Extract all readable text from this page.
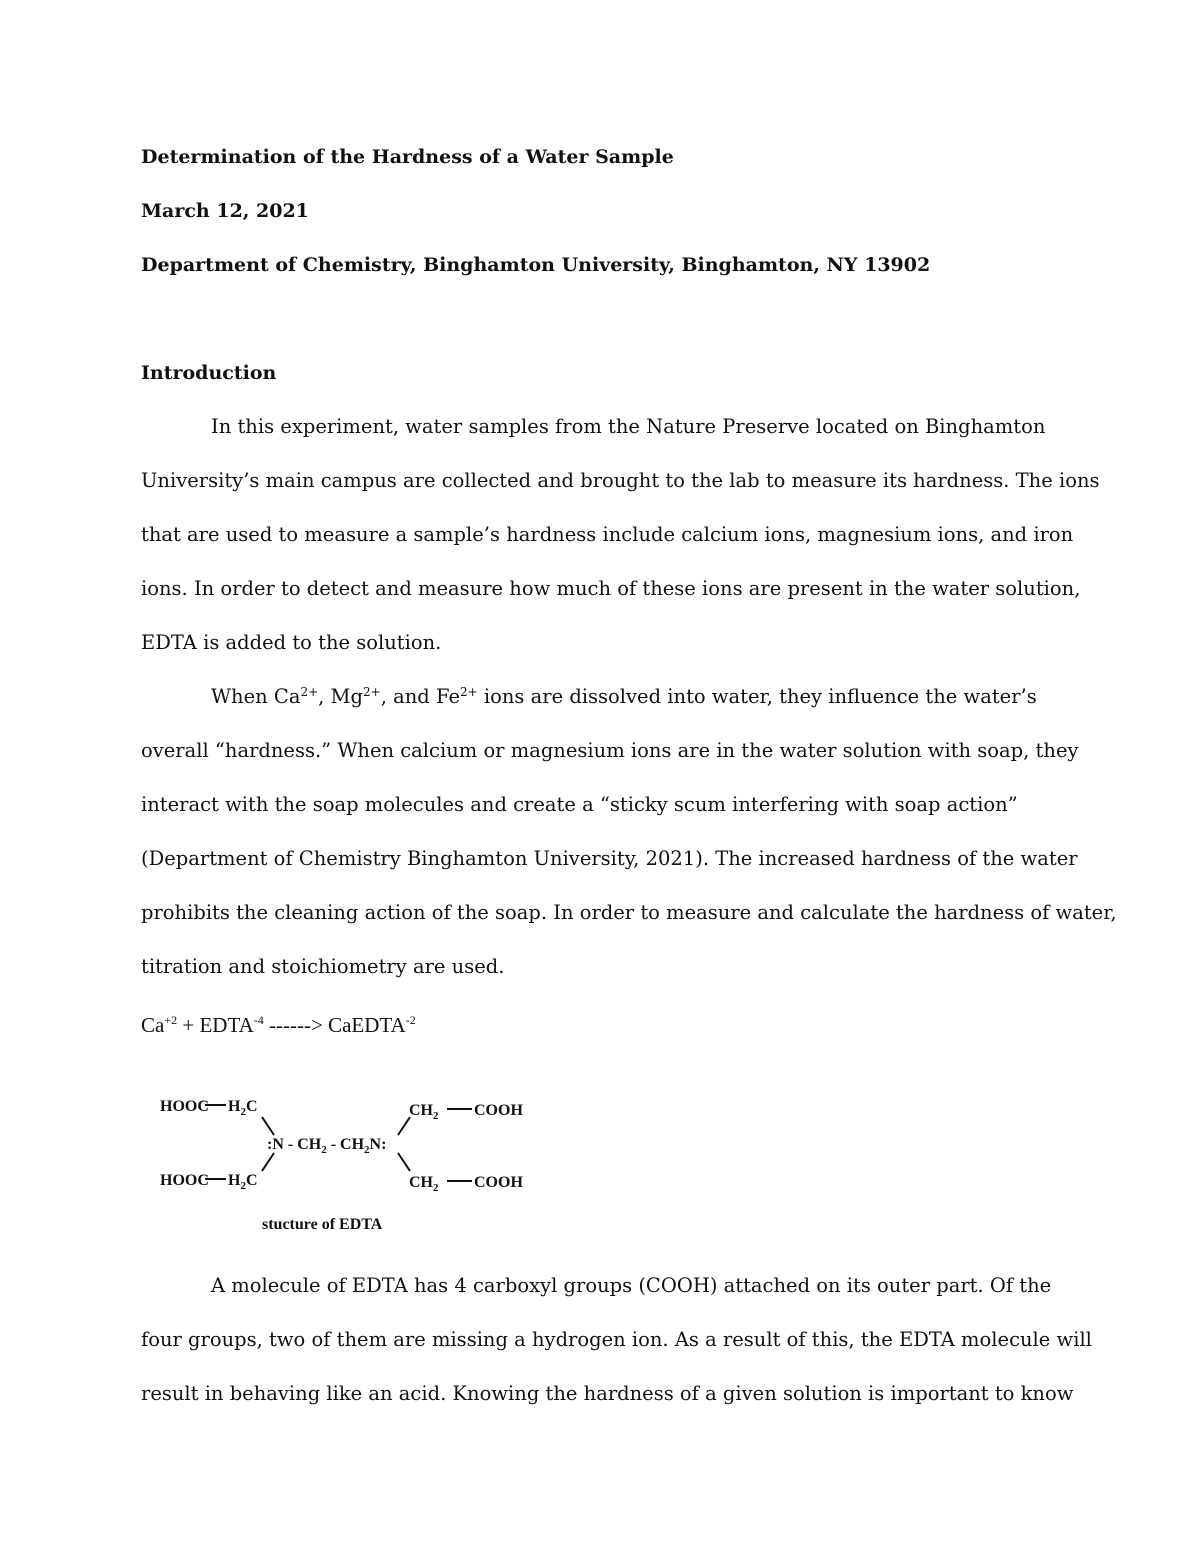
Determination of the Hardness of a Water Sample
March 12, 2021
Department of Chemistry, Binghamton University, Binghamton, NY 13902
Introduction
In this experiment, water samples from the Nature Preserve located on Binghamton
University’s main campus are collected and brought to the lab to measure its hardness. The ions
that are used to measure a sample’s hardness include calcium ions, magnesium ions, and iron
ions. In order to detect and measure how much of these ions are present in the water solution,
EDTA is added to the solution.
When $Ca^{2+}$, $Mg^{2+}$, and $Fe^{2+}$ ions are dissolved into water, they influence the water’s
overall “hardness.” When calcium or magnesium ions are in the water solution with soap, they
interact with the soap molecules and create a “sticky scum interfering with soap action”
(Department of Chemistry Binghamton University, 2021). The increased hardness of the water
prohibits the cleaning action of the soap. In order to measure and calculate the hardness of water,
titration and stoichiometry are used.
$Ca^{+2}$ + $EDTA^{-4}$ ------> CaEDTA$^{-2}$
HOOC $H_2C$
HOOC $H_2C$
:N - $CH_2 - CH_2N$:
$CH_2$ COOH
$CH_2$ COOH
stucture of EDTA
A molecule of EDTA has 4 carboxyl groups (COOH) attached on its outer part. Of the
four groups, two of them are missing a hydrogen ion. As a result of this, the EDTA molecule will
result in behaving like an acid. Knowing the hardness of a given solution is important to know
